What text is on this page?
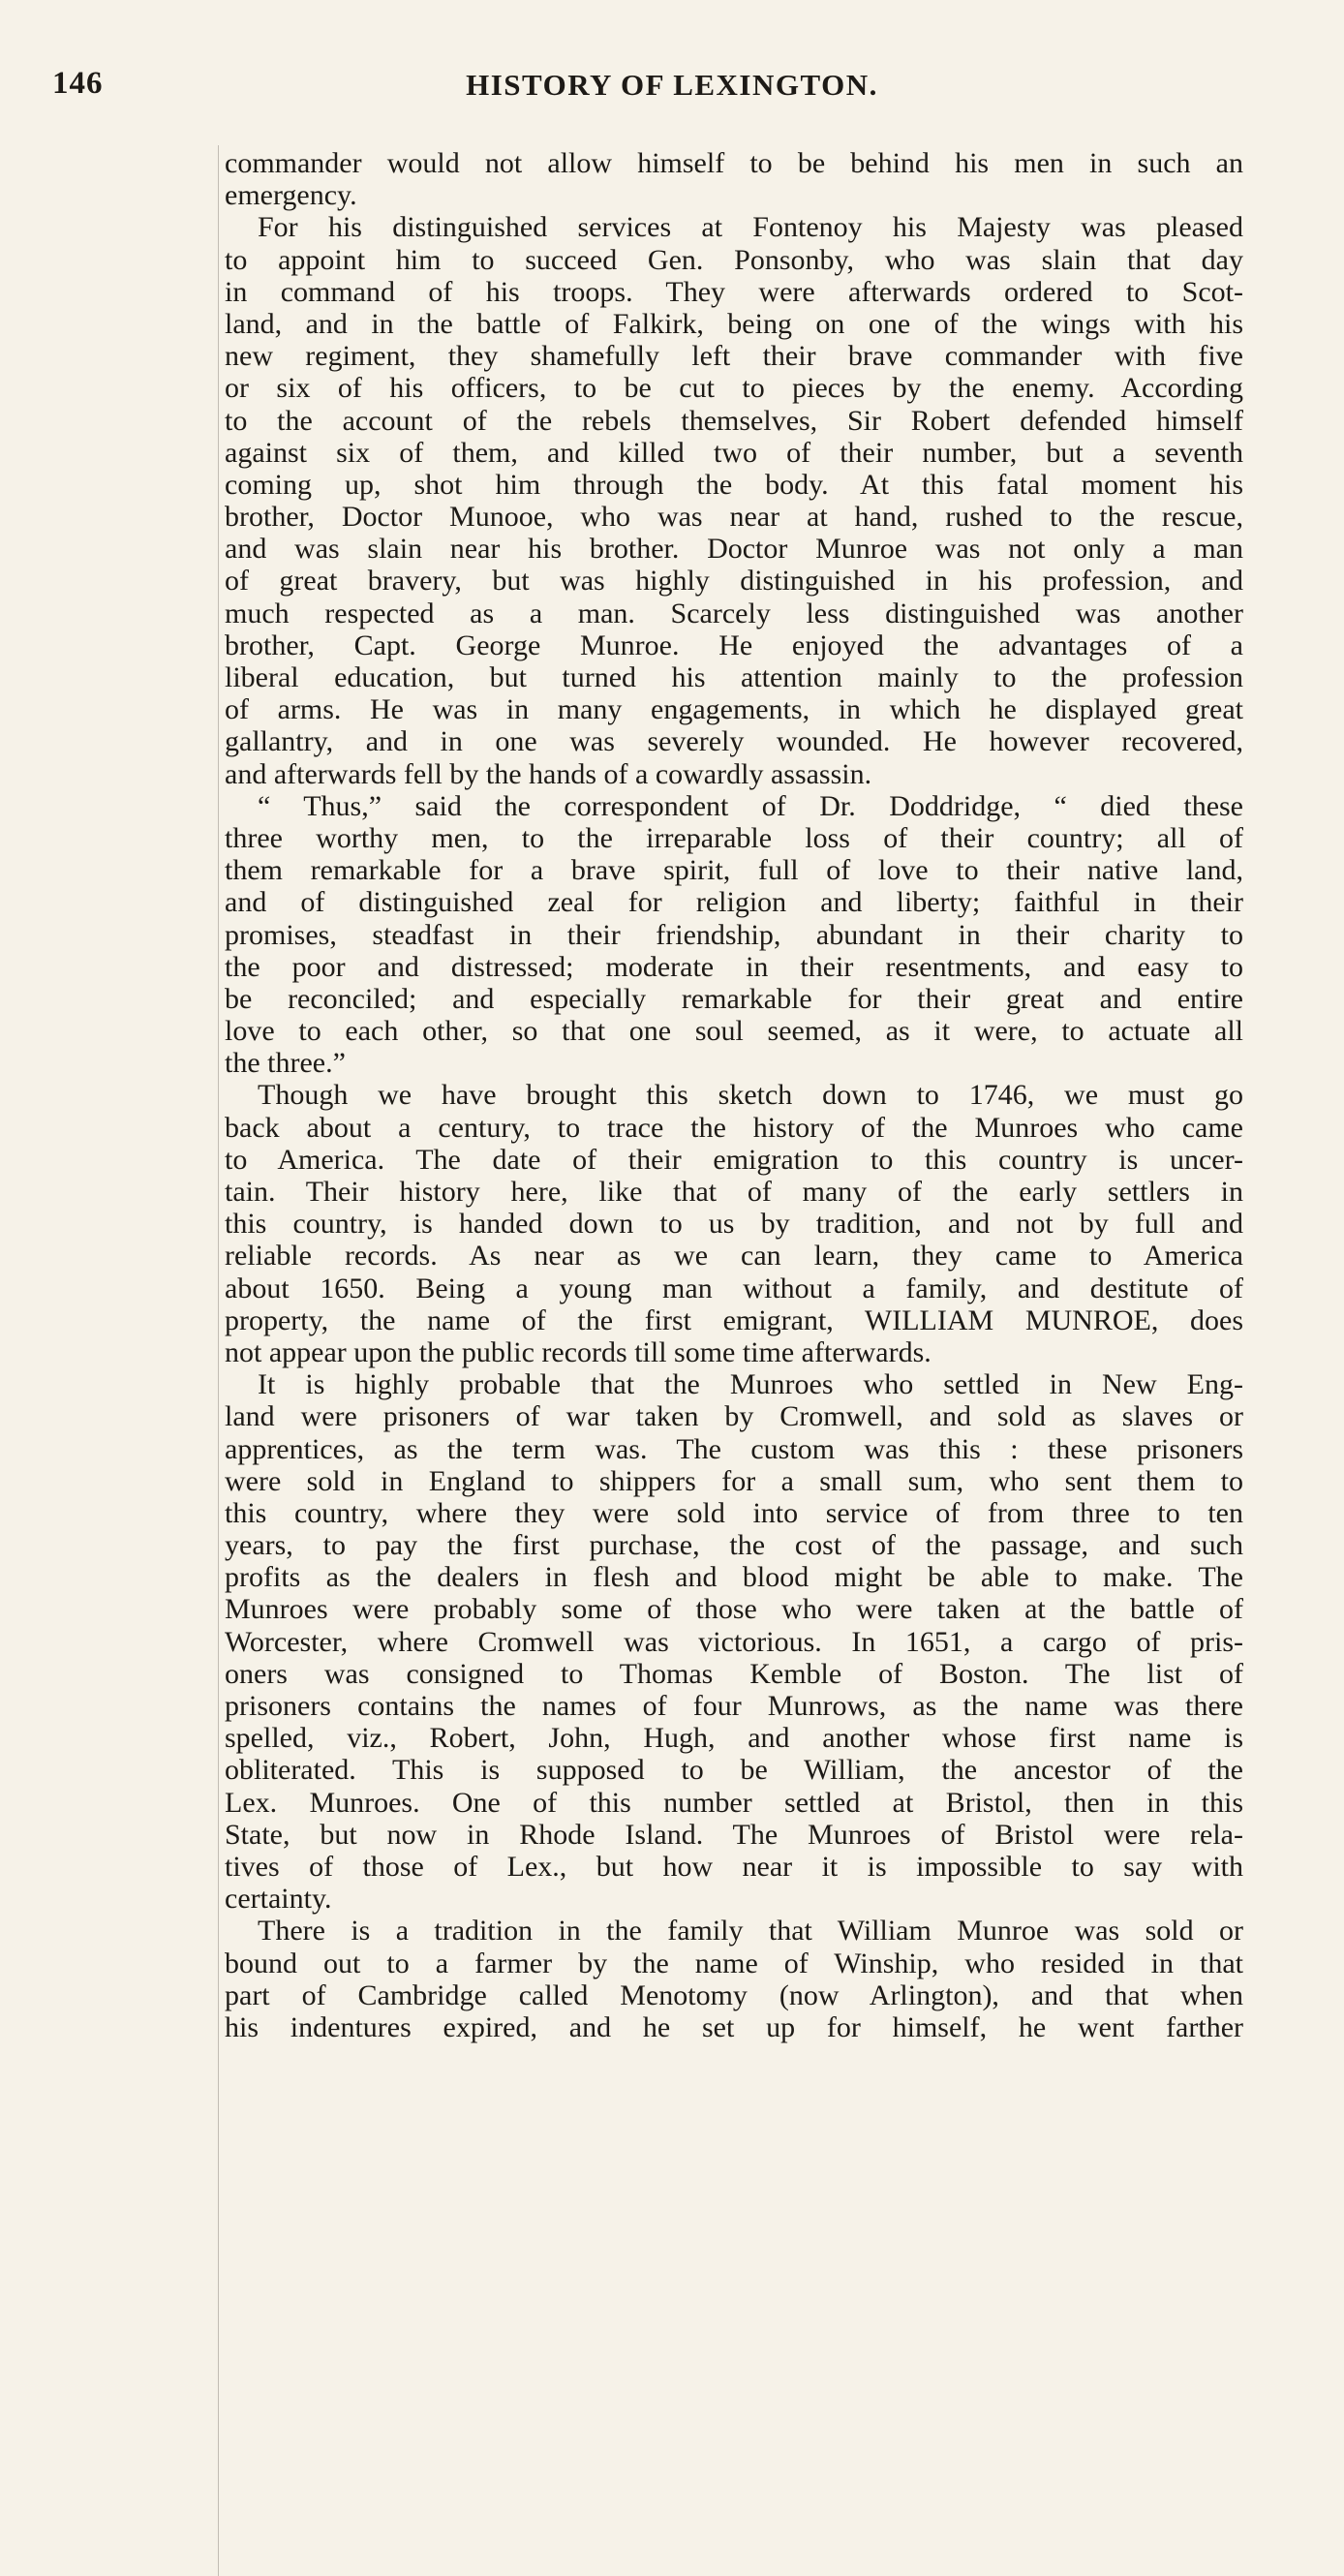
146	HISTORY OF LEXINGTON.
commander would not allow himself to be behind his men in such an
emergency.
For his distinguished services at Fontenoy his Majesty was pleased
to appoint him to succeed Gen. Ponsonby, who was slain that day
in command of his troops. They were afterwards ordered to Scot-
land, and in the battle of Falkirk, being on one of the wings with his
new regiment, they shamefully left their brave commander with five
or six of his officers, to be cut to pieces by the enemy. According
to the account of the rebels themselves, Sir Robert defended himself
against six of them, and killed two of their number, but a seventh
coming up, shot him through the body. At this fatal moment his
brother, Doctor Munooe, who was near at hand, rushed to the rescue,
and was slain near his brother. Doctor Munroe was not only a man
of great bravery, but was highly distinguished in his profession, and
much respected as a man. Scarcely less distinguished was another
brother, Capt. George Munroe. He enjoyed the advantages of a
liberal education, but turned his attention mainly to the profession
of arms. He was in many engagements, in which he displayed great
gallantry, and in one was severely wounded. He however recovered,
and afterwards fell by the hands of a cowardly assassin.
“ Thus,” said the correspondent of Dr. Doddridge, “ died these
three worthy men, to the irreparable loss of their country; all of
them remarkable for a brave spirit, full of love to their native land,
and of distinguished zeal for religion and liberty; faithful in their
promises, steadfast in their friendship, abundant in their charity to
the poor and distressed; moderate in their resentments, and easy to
be reconciled; and especially remarkable for their great and entire
love to each other, so that one soul seemed, as it were, to actuate all
the three.”
Though we have brought this sketch down to 1746, we must go
back about a century, to trace the history of the Munroes who came
to America. The date of their emigration to this country is uncer-
tain. Their history here, like that of many of the early settlers in
this country, is handed down to us by tradition, and not by full and
reliable records. As near as we can learn, they came to America
about 1650. Being a young man without a family, and destitute of
property, the name of the first emigrant, WILLIAM MUNROE, does
not appear upon the public records till some time afterwards.
It is highly probable that the Munroes who settled in New Eng-
land were prisoners of war taken by Cromwell, and sold as slaves or
apprentices, as the term was. The custom was this : these prisoners
were sold in England to shippers for a small sum, who sent them to
this country, where they were sold into service of from three to ten
years, to pay the first purchase, the cost of the passage, and such
profits as the dealers in flesh and blood might be able to make. The
Munroes were probably some of those who were taken at the battle of
Worcester, where Cromwell was victorious. In 1651, a cargo of pris-
oners was consigned to Thomas Kemble of Boston. The list of
prisoners contains the names of four Munrows, as the name was there
spelled, viz., Robert, John, Hugh, and another whose first name is
obliterated. This is supposed to be William, the ancestor of the
Lex. Munroes. One of this number settled at Bristol, then in this
State, but now in Rhode Island. The Munroes of Bristol were rela-
tives of those of Lex., but how near it is impossible to say with
certainty.
There is a tradition in the family that William Munroe was sold or
bound out to a farmer by the name of Winship, who resided in that
part of Cambridge called Menotomy (now Arlington), and that when
his indentures expired, and he set up for himself, he went farther
